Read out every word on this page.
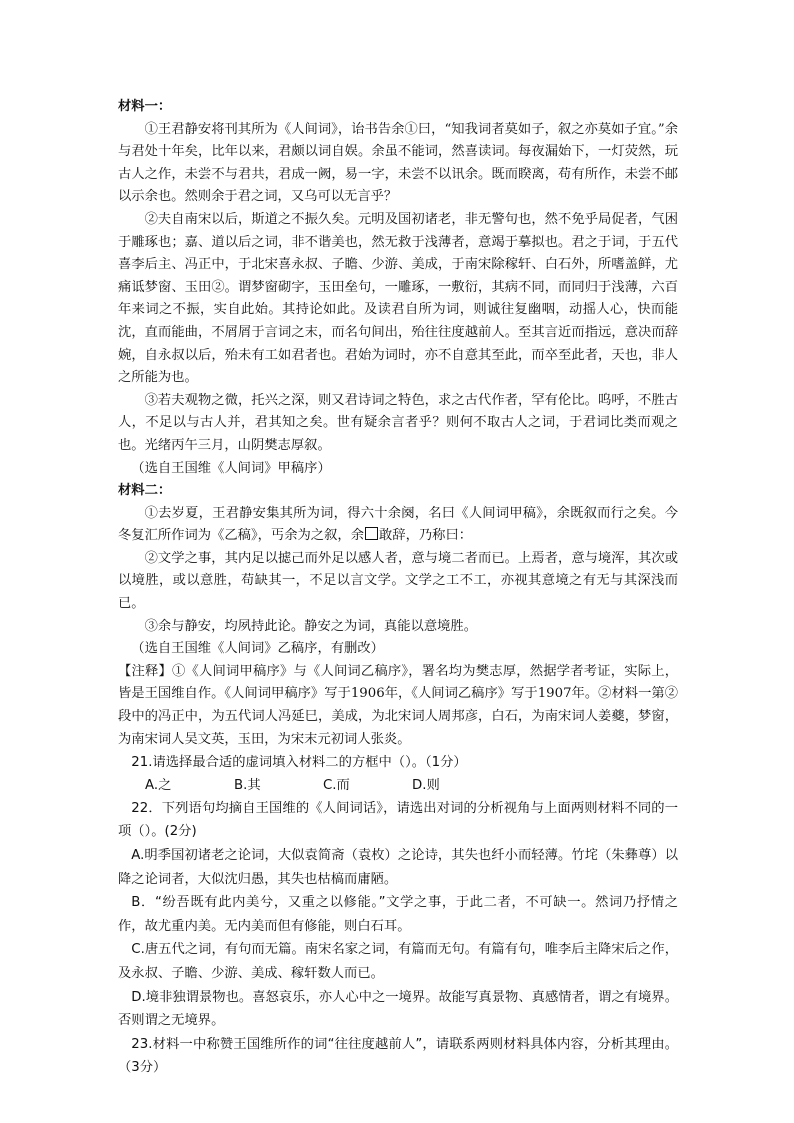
材料一：

①王君静安将刊其所为《人间词》，诒书告余①曰，“知我词者莫如子，叙之亦莫如子宜。”余与君处十年矣，比年以来，君颇以词自娱。余虽不能词，然喜读词。每夜漏始下，一灯荧然，玩古人之作，未尝不与君共，君成一阙，易一字，未尝不以讯余。既而睽离，苟有所作，未尝不邮以示余也。然则余于君之词，又乌可以无言乎？

②夫自南宋以后，斯道之不振久矣。元明及国初诸老，非无警句也，然不免乎局促者，气困于雕琢也；嘉、道以后之词，非不谐美也，然无救于浅薄者，意竭于摹拟也。君之于词，于五代喜李后主、冯正中，于北宋喜永叔、子瞻、少游、美成，于南宋除稼轩、白石外，所嗜盖鲜，尤痛诋梦窗、玉田②。谓梦窗砌字，玉田垒句，一雕琢，一敷衍，其病不同，而同归于浅薄，六百年来词之不振，实自此始。其持论如此。及读君自所为词，则诚往复幽咽，动摇人心，快而能沈，直而能曲，不屑屑于言词之末，而名句间出，殆往往度越前人。至其言近而指远，意决而辞婉，自永叔以后，殆未有工如君者也。君始为词时，亦不自意其至此，而卒至此者，天也，非人之所能为也。

③若夫观物之微，托兴之深，则又君诗词之特色，求之古代作者，罕有伦比。呜呼，不胜古人，不足以与古人并，君其知之矣。世有疑余言者乎？则何不取古人之词，于君词比类而观之也。光绪丙午三月，山阴樊志厚叙。

（选自王国维《人间词》甲稿序）

材料二：

①去岁夏，王君静安集其所为词，得六十余阕，名曰《人间词甲稿》，余既叙而行之矣。今冬复汇所作词为《乙稿》，丐余为之叙，余 敢辞，乃称曰：

②文学之事，其内足以摅己而外足以感人者，意与境二者而已。上焉者，意与境浑，其次或以境胜，或以意胜，苟缺其一，不足以言文学。文学之工不工，亦视其意境之有无与其深浅而已。

③余与静安，均夙持此论。静安之为词，真能以意境胜。

（选自王国维《人间词》乙稿序，有删改）

【注释】①《人间词甲稿序》与《人间词乙稿序》，署名均为樊志厚，然据学者考证，实际上，皆是王国维自作。《人间词甲稿序》写于1906年，《人间词乙稿序》写于1907年。②材料一第②段中的冯正中，为五代词人冯延巳，美成，为北宋词人周邦彦，白石，为南宋词人姜夔，梦窗，为南宋词人吴文英，玉田，为宋末元初词人张炎。

21.请选择最合适的虚词填入材料二的方框中（）。（1分）

A.之	B.其	C.而	D.则

22．下列语句均摘自王国维的《人间词话》，请选出对词的分析视角与上面两则材料不同的一项（）。(2分)

A.明季国初诸老之论词，大似袁简斋（袁枚）之论诗，其失也纤小而轻薄。竹垞（朱彝尊）以降之论词者，大似沈归愚，其失也枯槁而庸陋。

B．“纷吾既有此内美兮，又重之以修能。”文学之事，于此二者，不可缺一。然词乃抒情之作，故尤重内美。无内美而但有修能，则白石耳。

C.唐五代之词，有句而无篇。南宋名家之词，有篇而无句。有篇有句，唯李后主降宋后之作，及永叔、子瞻、少游、美成、稼轩数人而已。

D.境非独谓景物也。喜怒哀乐，亦人心中之一境界。故能写真景物、真感情者，谓之有境界。否则谓之无境界。

23.材料一中称赞王国维所作的词“往往度越前人”，请联系两则材料具体内容，分析其理由。（3分）
